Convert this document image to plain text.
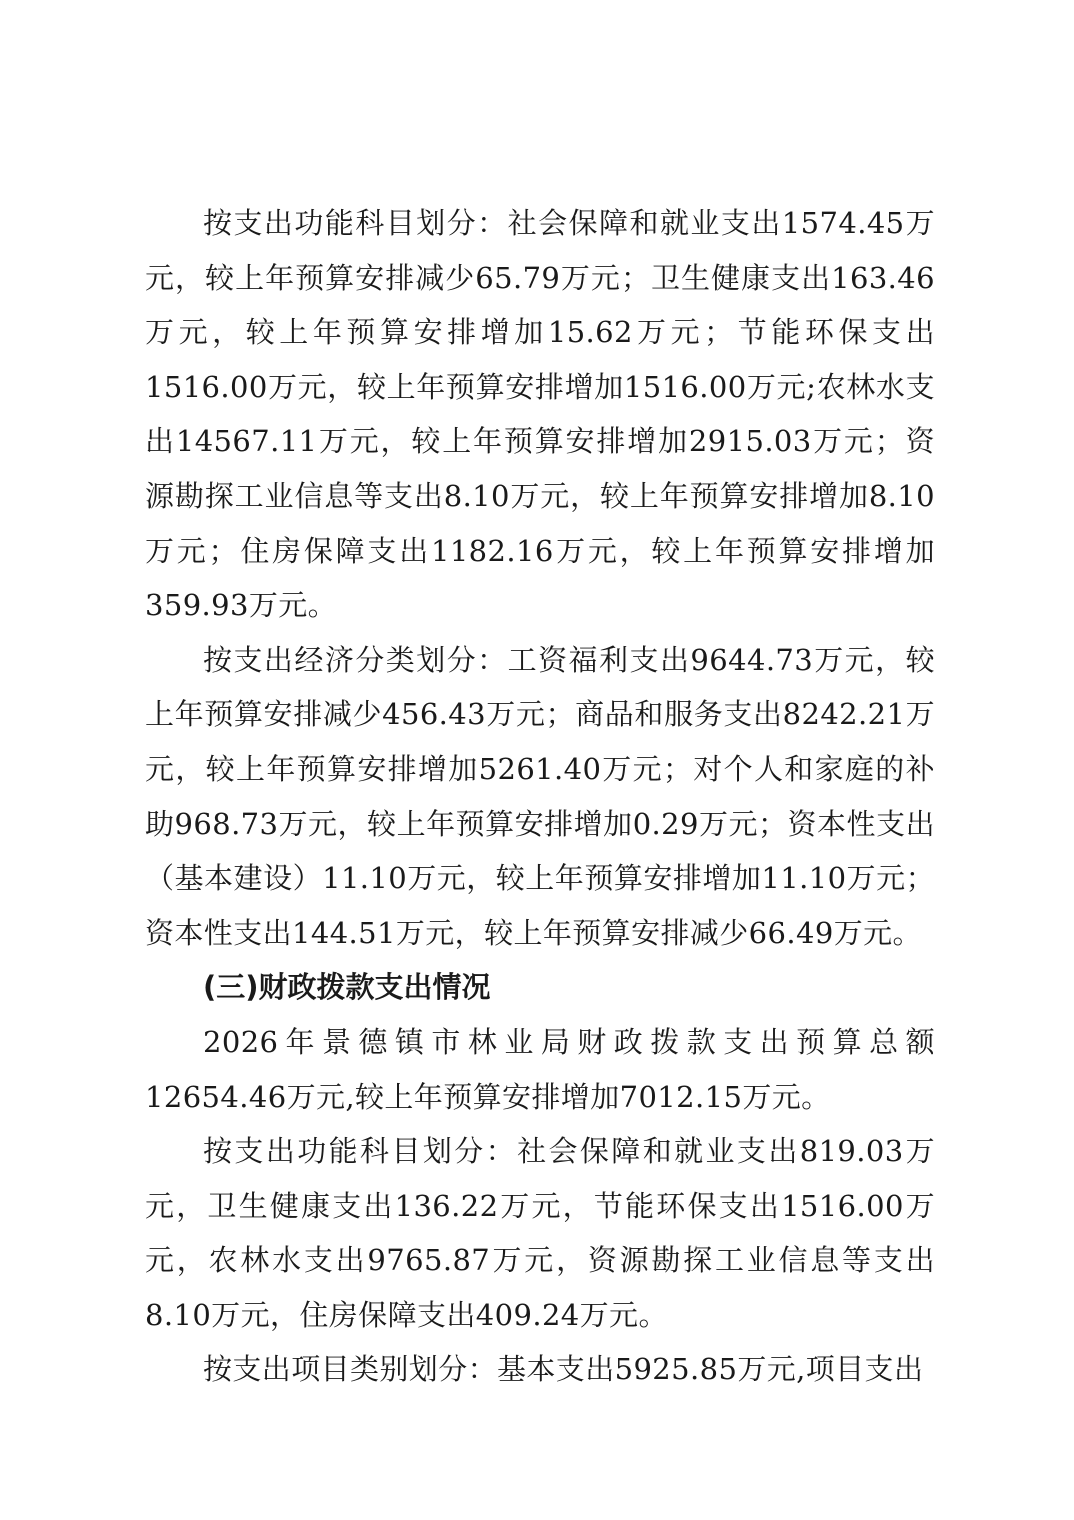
按支出功能科目划分：社会保障和就业支出1574.45万元，较上年预算安排减少65.79万元；卫生健康支出163.46万元，较上年预算安排增加15.62万元；节能环保支出1516.00万元，较上年预算安排增加1516.00万元;农林水支出14567.11万元，较上年预算安排增加2915.03万元；资源勘探工业信息等支出8.10万元，较上年预算安排增加8.10万元；住房保障支出1182.16万元，较上年预算安排增加359.93万元。

按支出经济分类划分：工资福利支出9644.73万元，较上年预算安排减少456.43万元；商品和服务支出8242.21万元，较上年预算安排增加5261.40万元；对个人和家庭的补助968.73万元，较上年预算安排增加0.29万元；资本性支出（基本建设）11.10万元，较上年预算安排增加11.10万元；资本性支出144.51万元，较上年预算安排减少66.49万元。

(三)财政拨款支出情况

2026年景德镇市林业局财政拨款支出预算总额12654.46万元,较上年预算安排增加7012.15万元。

按支出功能科目划分：社会保障和就业支出819.03万元，卫生健康支出136.22万元，节能环保支出1516.00万元，农林水支出9765.87万元，资源勘探工业信息等支出8.10万元，住房保障支出409.24万元。

按支出项目类别划分：基本支出5925.85万元,项目支出
